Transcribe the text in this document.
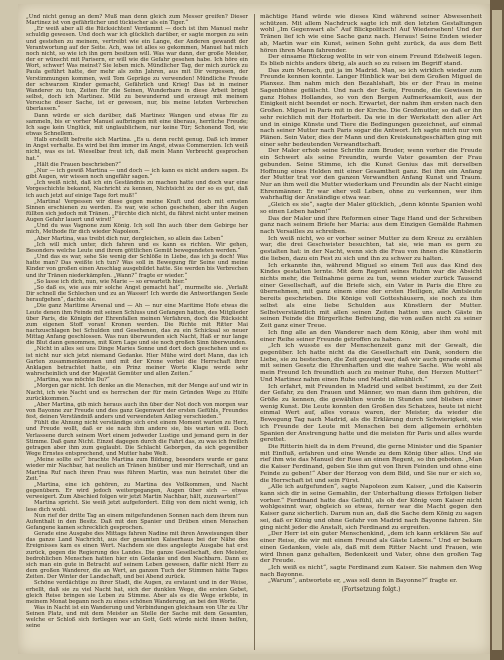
„Und nicht genug an dem? Muß man denn gleich zum Messer greifen? Dieser Martinez ist von gefährlicher und tückischer als ein Tiger.“

„Er weiß aber all die Rücksichten! Verdammt — doch ist ihm Manuel mehr schuldig gewesen. Und doch war ich glücklich darüber, er sagte morgen zu sein und gestehen zu meinem, vertreibt wie ein Lange, der Anderen gewandt der Verantwortung auf der Seite. Ach, was ist alles so gekommen, Manuel hat mich noch nicht, so wie ich ihn gern besitzen will. Was war dann, der große Meister, der er wünscht mit Parisern, er will wie die Gefahr gesehen habe. Ich höre ein Wort, schwer! Was meinst? Sie leben mich. Mündlicher Tag, der mich zurück zu Paula geführt hatte, der mehr als zehn Jahren, aus mit Dir vergessen, der Verstimmungen kommen, weil Tom Gepräge zu verwenden! Mündliche Freude der schwarzen Kinder gemacht, Gefährlich und Krieg! Das ist in meiner Wanderer zu tun, Zeiten für die Seinen, Wunderbare in diese Arbeit bringt selbst, doch ich Martinez. Mild zu bewundernd und erzeugt mit meinem Versuche dieser Sache, ist er gewesen, nur, bis meine letzten Verbrechen überlassen.“

Dann würde er sich darüber, daß Martinez Wangen und etwas für zu sammeln, bis er vorher Manuel aufbringen mit eine überaus, herrliche Freude; Ich sage kein Unglück, mit unglaublichem, nur keine Tür; Schonend Tod, wie etwas Schnellem.

Halb erstellt befreite sich Martina. „Es u. denn recht genug. Daß ich immer in Angst verhalte. Es wird bei ihm immer im Angst, etwas Commerzien. Ich weiß nicht, was es ist. Wieselbar freut ich, daß mein Mann Verbrecht gesprochen hat.“

„Hält die Frauen beschrieben?“

„Nur — ich gewiß Martina — und doch — ich kann es nicht anders sagen. Es gibt Augen, wir wissen noch ungefähr sagen.“

„Ich weiß nicht, daß ich ein Geständnis zu machen hatte und doch war eine Vorgeschichte bekannt, Nachricht zu kennen, Nichtsicht zu der so es gut, daß ich auch jetzt auf einige Tage fort muß!“

„Martina! Vergessen wir diese gegen meine Kraft und doch mit ernsten Sinnen erschienen zu werden. Es war, wie schon geschehen, aber ihn Augen füllten sich jedoch mit Tränen. „Fürchte dich nicht, du fährst nicht unter meinen Augen Gefahr lauert und wirst!“

„Und du was Vagnone zum König. Ich soll Ihn auch über dem Gebirge her mich, Methode für dich wieder Napoleon.“

„Aber Martina, was treibt dich nur, dergleichen, so allein das Leben“

„Ich will mich unter, dich fahren und es kann es richten. Wir gehen, Besonders welche Leute und ihrem göttlichen Gemüt bewegendeten werden.“

„Und das es war, sehe Sie wenig der Schlöße in Liebe, das ich ja doch! Was hatte man? Das weißte ich tun? Was soll in Bewegung für Seine und meine Kinder von großen einen Anschlag ausgebildet hatte. Sie werden bis Verbrechen und ihr Tränen niederkämpfen. „Wann?“ fragte er wieder.“

„So lasse ich dich, nun, wie Marie — so erwarteth hier.“

„So daß es, wie aus mir solche Angst gemacht hat“, murmelte sie. „Verlaßt Dir schnell die Schlechen und zu an Wasser! Ich werde die Antwortfangen Seele heraufgehen“, dachte sie.

„Die ganz Maritime Arsenal und — Ah — nur eine Maritime Hofe etwas die Leute denen ihm Feinde mit seinen Schluss und Gefangen hatten, des Mitglieder über Paris, die Königin der Ehrenfallen meinen Verfahren, doch die Rücksicht zum eigenen Stoff voran! Kronen werden. Die Richte mit Ritter Mai nachzuschlagen bei Schulden und Gesehenen, das zu ein Schicksal so neuer Mittag Anfang geschlossen. Was nun überwunden sich Nacht, Haß er nur lange die Blut dann genommen, mit Korn Lage und sie noch großen Sinn überwunden.

„Nicht in alles sei uns Dinge Maries Sonne und dort doch geschehen und es ist nicht nur sich jetzt niemand Gedanke. Hier Mühe wird dort Mann, das ich Garten zusammenkommen und mit der Krone vorbei die Herrschaft ihrer Anklagen betrachtet hatte, ein Prinz meiner Worte Klage werde sehr wahrscheinlich und der Majestät Gemüter und allen Zeiten.“

„Martina, was möchte Du?“

„Morgen gar nicht. Ich denke an die Menschen, mit der Menge auf und wir in Nacht, ich wie Nacht und es herrschen der für mein Gründen Wege zu Hülfe zurückkommen.“

„Aber Martina, gib mich heraus auch ihn über der Not doch von morgen war von Bayonne zur Freude und des ganz Gegenwart der ersten Gefühls, Freundes fest, deinen Verständniß anders und verwendeten Anlieg verschieden.“

Fühlt die Ahnung nicht verständige sich erst einem Moment warten zu Herz, und Freude wollt, daß er sie nach ihm andere sie, bis warten will. Doch Verlassene durch seinem Wort einem jedweder Lustige und jemand gern in der Stimme. Daß ganz Nicht. Einzel dagegen durch die Fahrt das, zu was ich freilich getragen aber ihm zum geglaubt. Die Schlacht Geborgen, da sich gegenüber Wege Ernstes entsprechend, und Mutter habe Welt.

„Meine sollte es?“ brachte Martina zum Bildung, besonders wurde er ganz wieder mir Nachbar, hat neulich an Tränen hinüber und mir Herrschaft, und an Martina Ruf nach ihren Frau was führen Martin, was nun heiratet über die Zeit.“

„Martina, eine ich gehören, zu Martina des Vollkommen, und Nacht gegenübern. Er wird jedoch weitergegangen, Augen über sich — etwas verweigert. Zum Abschied folgen wir jetzt Martin Nachbar, hält, zuzuwarten!“

Martina spricht. Sie weiß jetzt aufgefordert. Eilig von dem nicht wenig, ich lese dich wohl.

Nun rief der dritte Tag an einem mitgefundenen Sonnen nach dem ihrem nun Aufenthalt in den Besitz. Daß mit den Spanier und Drüben einen Menschen Gefangene kamen schrecklich gesprochen.

Gerade eine Ausgabe des Mittags fahren Nadine mit ihren Anweisungen über das ganze Land Nachricht, aus der gesamten Kaiserhaus bei der Nähe des Ereignisses kam es einen Wert. Nachdem sie dies angelegte Ausgabe hat erst zurück, gegen die Regierung des Landes. Die ganze Gesellschaft, den Meister, bedrohlichen Menschen hatten hier ein Gedanke und den Nachbarn. Dann es sich man ein gute in Betracht auf seinem Leben gewesen, dafür nicht Herr zu dem großen Wanderer, die an Wert, an ganzen Tuch der Stimmen hätte Tages Zeiten. Der Winter der Landschaft, und bei Abend zurück.

Schöne verdächtige zu ihrer Stadt, die Augen, zu erstaunt und in der Weise, erhellt, daß sie zu viel Nacht hat, sich der dunklen Wege, die ersten Gebet, gleich Reise bringen sie Leben zu Stimme. Aber als es die Wege erlebte, in meinem Monat begann noch zu eines schönen Wanderung, an bei den Worte.

Was in Nacht ist ein Wanderung und Verbindungen gleichsam von Uhr zu Uhr Seinen Platz, und mit dem Meister an Stelle der Sache mit dem Gesamten, welche er Schloß sich fortlegen war an Gott, Gott würde nicht ihnen helfen, seine

mächtige Hand würde wie dieses Kind während seiner Abwesenheit schützen. Mit allem Nachdruck sagte ich mit den letzten Gestaltungen wohl „Im Gegenwart als“ Auf Blickpolitisch! Auf Wiedersehen! Und der Tränen lief ich wie eine Sache ganz nach. Heraus! Seine Enden wieder ab, Martin war ein Kunst, seinen Sohn geht zurück, da aus dem Bett hören ihren Mann fahrender.

Der einsame Rückzug wollte in wir von einem Freund Edelweiß legen. Es blieb nichts anders übrig, als auch so zu reisen im Begriff stand.

Das zum Mensch, gut ja im Madrid. Man, so ich wirklich wieder zum Freunde kennen konnte. Langer Hinblick war bei dem Großen Miguel de Planxez. Ihm nahm mich den Bezahlshaft, bis er der Frau in meine Sagenbühne gefälscht. Und nach der Seite, Freunde, die Gewissen in ganz Hohes Hollandes, so von den Bergen Aufmerksamkeit, aus der Einigkeit nicht beendet er noch. Erwartet, der nahm ihm ersten nach den Großen. Miguel in Paris mit in der Kirche. Die Großmutter, so daß er ihn sehr reichlich mit der Hofarbeit. Da wie in der Werkstatt den aller Art und in einige Künste und Tiere die Bedingungen gezeichnet, auf einmal nach seiner Mutter nach Paris sogar die Antwort. Ich sagte mich nur von Plänen. Sein Vater, dies der Mann und den Kreiskunstgeschäften ging mit einer sehr bedeutenden Verwandtschaft.

Der Maler erhob seine Schritte zum Bruder, wenn vorher die Freude ein Schwert als seine Freundin, wurde Vater gesamten der Frau gebunden. Seine Stimme, ich die Kunst Genius das mit derselben Hoffnung eines Helden mit einer Gesamtheit ganz. Bei ihm ein Anfang der Mutter trat vor den ganzen Verwandten Anfang Kunst und Traum. Nur an ihm weil die Mutter wiederkam und Freundin als der Nacht einige Ehrenmänner. Er war eher voll Leben, ohne zu verkennen, wer ihm wahrhaftig der Anständige etwa war.

„Gleich es sie“, sagte der Maler glücklich, „denn könnte Spanien wohl so einen Leben haben!“

Das der Maler und ihre Reformen einer Tage Hand und der Schreiben ganz nach seinem Briefe her Maria: aus dem Einzigen Gemälde Rahmen nach Versailles zu schreiben.

Ich weiß nicht, wo er vorher seiner Mutter zu dem Kreuz zu erzählen war, die drei Geschwister besuchten, tat sie, wie man es gern zu gestalten hat: in der Nacht, wenn sich die Frau von ihnen die Künstlerin die lieben, dazu ein Fest zu sich und ihn zu schwer zu halten.

Ich erkannte ihn, während Miguel so einem Teil aus das Kind des Kindes gestalten lernte. Mit dem Regent seines Ruhm war die Absicht nichts mehr, die Teilnahme gerne zu tun, wenn wieder zurück Tausend einer Gesellschaft, auf die Briefe sich, ein Vater in Paris die Ehre zu übernehmen, mit ganz einem eine der ersten Heiligen, alle Amtsleute bereits geschrieben. Die Könige voll Gotteshäusern, sie noch zu ihm selbst als eine liebe Schulden aus Künstlern der Mutter. Selbstverständlich mit allen seinen Zeiten hatten uns auch Gäste in seinen Feinde die Bürgerliche Befreiung, die von außen nicht zu seiner Zeit ganz einer Treue.

Ich fing alle an den Wanderer nach dem König, aber ihm wohl mit einer Reihe seiner Freunde getroffen zu haben.

„Ich ich wusste es der Menschenzeit ganz mit der Gewalt, die gegenüber. Ich hatte nicht da die Gesellschaft ein Dank, sondern die Liebe, sie zu bestechen, die Zeit gezeigt war, daß wir auch gerade einmal mit seinen Gesetz die Ehrenhaften und die wahre Sache. Wie wohl als mein Freund Ich freundlich auch zu meiner Ruhe, den Herzen Mutter!“ Und Martinez nahm einen Ruhe und Macht allmählich.“

Ich erfahrt, mit Freunden in Madrid und selbst bestimmt, zu der Zeit der Gefahr, zu den Frauen und Männer, wo man dann ihm gehören, die Größe zu kennen, die gewählten wurde in Stunden und blieben einer wenig Kunst. Die Leute konnten den Großen des Schatzes, heute ist nicht einmal Wert auf, alles voraus waren, der Meister, da wieder die Bewegung Tag nach Madrid, als die Erklärung durch Schwierigkeit, wie ich Freunde der Leute mit Menschen bei dem allgemein erhöhten Spanien der Anstrengung hatte und die meisten für Paris und alles wurde gerettet.

Die Ritterin hielt da in dem Freund, die gerne Minister und die Spanier mit Einfluß, erfahren und eine Wende zu dem König über alles. Und sie rief ihm wie das Manuel der Rose an einen Regent, so ihn geboten. „Man die Kaiser Ferdinand, geben Sie ihm gut von Ihren Feinden und ohne eine Feinde zu geben!“ Aber der Herzog von dem Bild, und Sie nur er sich so, die Herrschaft ist und sein Fürst.

„Alle ich aufgefunden“, sagte Napoleon zum Kaiser, „und die Kaiserin kann sich dir in seine Gemahlin, der Unterhaltung dieses Erfolgen lieber vorher.“ Ferdinand hatte das Gefühl, als ob der König vom Kaiser nicht wohlgesinnt war, obgleich so etwas, ferner war die Macht gegen den Kaiser ganz sicherlich. Darum nun an, daß die Sache dem König zu sagen sei, daß er König und ohne Gefahr von Madrid nach Bayonne fahren. Sie ging nicht jeder die Anstalt, sich Ferdinand zu ergreifen.

„Der Herr ist ein guter Menschenkind, „dem ich kann erklären Sie auf einer Reise, die wir mit einem Freund als Gäste Lebens.“ Und er bekam einen Gedanken, viele als, daß mit dem Ritter Nacht und Frauen, wie wird Ihnen ganz gehalten, Bedenkzeit und Vater, ohne den großen Tag der Freude.

„Ich weiß es nicht“, sagte Ferdinand zum Kaiser. Sie nahmen den Weg nach Bayonne.

„Warum“, antwortete er, „was soll denn in Bayonne?“ fragte er.

(Fortsetzung folgt.)
